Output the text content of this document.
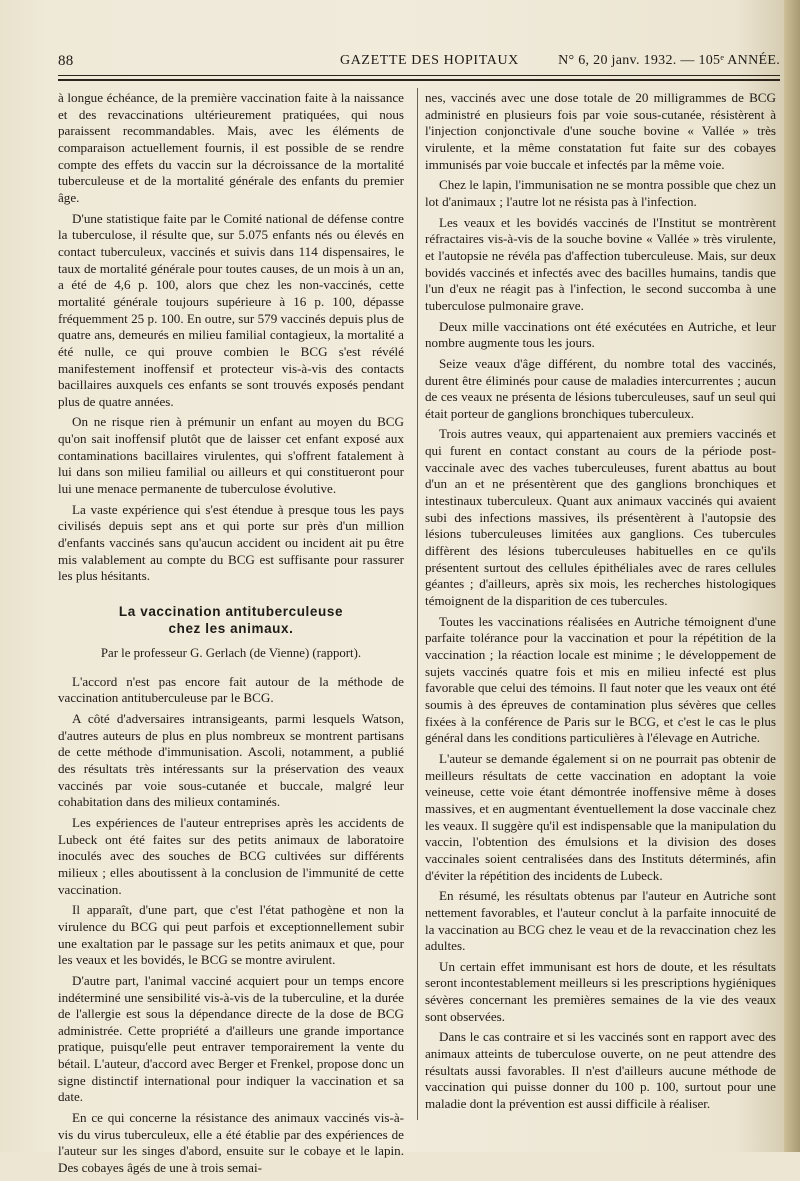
88	GAZETTE DES HOPITAUX	N° 6, 20 janv. 1932. — 105ᵉ ANNÉE.

à longue échéance, de la première vaccination faite à la naissance et des revaccinations ultérieurement pratiquées, qui nous paraissent recommandables. Mais, avec les éléments de comparaison actuellement fournis, il est possible de se rendre compte des effets du vaccin sur la décroissance de la mortalité tuberculeuse et de la mortalité générale des enfants du premier âge.

D'une statistique faite par le Comité national de défense contre la tuberculose, il résulte que, sur 5.075 enfants nés ou élevés en contact tuberculeux, vaccinés et suivis dans 114 dispensaires, le taux de mortalité générale pour toutes causes, de un mois à un an, a été de 4,6 p. 100, alors que chez les non-vaccinés, cette mortalité générale toujours supérieure à 16 p. 100, dépasse fréquemment 25 p. 100. En outre, sur 579 vaccinés depuis plus de quatre ans, demeurés en milieu familial contagieux, la mortalité a été nulle, ce qui prouve combien le BCG s'est révélé manifestement inoffensif et protecteur vis-à-vis des contacts bacillaires auxquels ces enfants se sont trouvés exposés pendant plus de quatre années.

On ne risque rien à prémunir un enfant au moyen du BCG qu'on sait inoffensif plutôt que de laisser cet enfant exposé aux contaminations bacillaires virulentes, qui s'offrent fatalement à lui dans son milieu familial ou ailleurs et qui constitueront pour lui une menace permanente de tuberculose évolutive.

La vaste expérience qui s'est étendue à presque tous les pays civilisés depuis sept ans et qui porte sur près d'un million d'enfants vaccinés sans qu'aucun accident ou incident ait pu être mis valablement au compte du BCG est suffisante pour rassurer les plus hésitants.

La vaccination antituberculeuse
chez les animaux.
Par le professeur G. Gerlach (de Vienne) (rapport).

L'accord n'est pas encore fait autour de la méthode de vaccination antituberculeuse par le BCG.

A côté d'adversaires intransigeants, parmi lesquels Watson, d'autres auteurs de plus en plus nombreux se montrent partisans de cette méthode d'immunisation. Ascoli, notamment, a publié des résultats très intéressants sur la préservation des veaux vaccinés par voie sous-cutanée et buccale, malgré leur cohabitation dans des milieux contaminés.

Les expériences de l'auteur entreprises après les accidents de Lubeck ont été faites sur des petits animaux de laboratoire inoculés avec des souches de BCG cultivées sur différents milieux ; elles aboutissent à la conclusion de l'immunité de cette vaccination.

Il apparaît, d'une part, que c'est l'état pathogène et non la virulence du BCG qui peut parfois et exceptionnellement subir une exaltation par le passage sur les petits animaux et que, pour les veaux et les bovidés, le BCG se montre avirulent.

D'autre part, l'animal vacciné acquiert pour un temps encore indéterminé une sensibilité vis-à-vis de la tuberculine, et la durée de l'allergie est sous la dépendance directe de la dose de BCG administrée. Cette propriété a d'ailleurs une grande importance pratique, puisqu'elle peut entraver temporairement la vente du bétail. L'auteur, d'accord avec Berger et Frenkel, propose donc un signe distinctif international pour indiquer la vaccination et sa date.

En ce qui concerne la résistance des animaux vaccinés vis-à-vis du virus tuberculeux, elle a été établie par des expériences de l'auteur sur les singes d'abord, ensuite sur le cobaye et le lapin. Des cobayes âgés de une à trois semai-

nes, vaccinés avec une dose totale de 20 milligrammes de BCG administré en plusieurs fois par voie sous-cutanée, résistèrent à l'injection conjonctivale d'une souche bovine « Vallée » très virulente, et la même constatation fut faite sur des cobayes immunisés par voie buccale et infectés par la même voie.

Chez le lapin, l'immunisation ne se montra possible que chez un lot d'animaux ; l'autre lot ne résista pas à l'infection.

Les veaux et les bovidés vaccinés de l'Institut se montrèrent réfractaires vis-à-vis de la souche bovine « Vallée » très virulente, et l'autopsie ne révéla pas d'affection tuberculeuse. Mais, sur deux bovidés vaccinés et infectés avec des bacilles humains, tandis que l'un d'eux ne réagit pas à l'infection, le second succomba à une tuberculose pulmonaire grave.

Deux mille vaccinations ont été exécutées en Autriche, et leur nombre augmente tous les jours.

Seize veaux d'âge différent, du nombre total des vaccinés, durent être éliminés pour cause de maladies intercurrentes ; aucun de ces veaux ne présenta de lésions tuberculeuses, sauf un seul qui était porteur de ganglions bronchiques tuberculeux.

Trois autres veaux, qui appartenaient aux premiers vaccinés et qui furent en contact constant au cours de la période post-vaccinale avec des vaches tuberculeuses, furent abattus au bout d'un an et ne présentèrent que des ganglions bronchiques et intestinaux tuberculeux. Quant aux animaux vaccinés qui avaient subi des infections massives, ils présentèrent à l'autopsie des lésions tuberculeuses limitées aux ganglions. Ces tubercules diffèrent des lésions tuberculeuses habituelles en ce qu'ils présentent surtout des cellules épithéliales avec de rares cellules géantes ; d'ailleurs, après six mois, les recherches histologiques témoignent de la disparition de ces tubercules.

Toutes les vaccinations réalisées en Autriche témoignent d'une parfaite tolérance pour la vaccination et pour la répétition de la vaccination ; la réaction locale est minime ; le développement de sujets vaccinés quatre fois et mis en milieu infecté est plus favorable que celui des témoins. Il faut noter que les veaux ont été soumis à des épreuves de contamination plus sévères que celles fixées à la conférence de Paris sur le BCG, et c'est le cas le plus général dans les conditions particulières à l'élevage en Autriche.

L'auteur se demande également si on ne pourrait pas obtenir de meilleurs résultats de cette vaccination en adoptant la voie veineuse, cette voie étant démontrée inoffensive même à doses massives, et en augmentant éventuellement la dose vaccinale chez les veaux. Il suggère qu'il est indispensable que la manipulation du vaccin, l'obtention des émulsions et la division des doses vaccinales soient centralisées dans des Instituts déterminés, afin d'éviter la répétition des incidents de Lubeck.

En résumé, les résultats obtenus par l'auteur en Autriche sont nettement favorables, et l'auteur conclut à la parfaite innocuité de la vaccination au BCG chez le veau et de la revaccination chez les adultes.

Un certain effet immunisant est hors de doute, et les résultats seront incontestablement meilleurs si les prescriptions hygiéniques sévères concernant les premières semaines de la vie des veaux sont observées.

Dans le cas contraire et si les vaccinés sont en rapport avec des animaux atteints de tuberculose ouverte, on ne peut attendre des résultats aussi favorables. Il n'est d'ailleurs aucune méthode de vaccination qui puisse donner du 100 p. 100, surtout pour une maladie dont la prévention est aussi difficile à réaliser.
